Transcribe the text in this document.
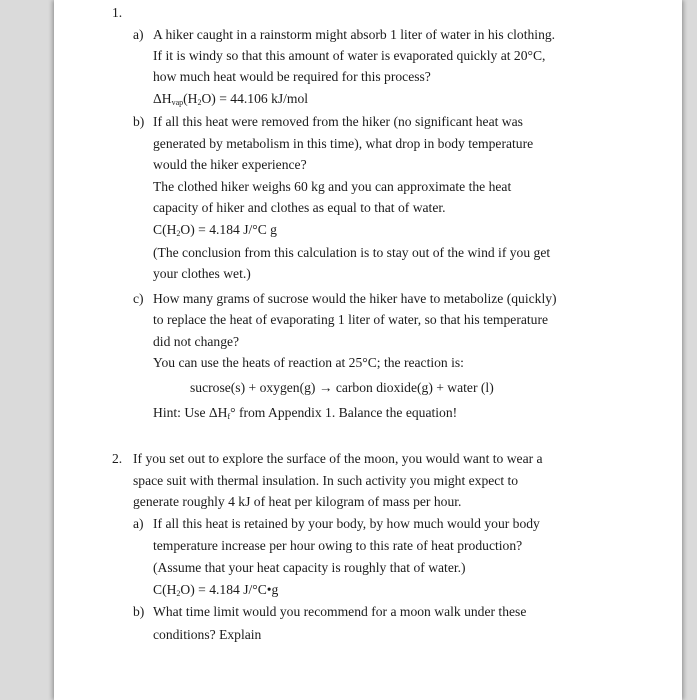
1.
a) A hiker caught in a rainstorm might absorb 1 liter of water in his clothing.
If it is windy so that this amount of water is evaporated quickly at 20°C,
how much heat would be required for this process?
$\Delta H_{vap}(H_2O) = 44.106$ kJ/mol
b) If all this heat were removed from the hiker (no significant heat was
generated by metabolism in this time), what drop in body temperature
would the hiker experience?
The clothed hiker weighs 60 kg and you can approximate the heat
capacity of hiker and clothes as equal to that of water.
$C(H_2O) = 4.184$ J/°C g
(The conclusion from this calculation is to stay out of the wind if you get
your clothes wet.)
c) How many grams of sucrose would the hiker have to metabolize (quickly)
to replace the heat of evaporating 1 liter of water, so that his temperature
did not change?
You can use the heats of reaction at 25°C; the reaction is:
sucrose(s) + oxygen(g) → carbon dioxide(g) + water (l)
Hint: Use $\Delta H_f^\circ$ from Appendix 1. Balance the equation!
2. If you set out to explore the surface of the moon, you would want to wear a
space suit with thermal insulation. In such activity you might expect to
generate roughly 4 kJ of heat per kilogram of mass per hour.
a) If all this heat is retained by your body, by how much would your body
temperature increase per hour owing to this rate of heat production?
(Assume that your heat capacity is roughly that of water.)
$C(H_2O) = 4.184$ J/°C•g
b) What time limit would you recommend for a moon walk under these
conditions? Explain
